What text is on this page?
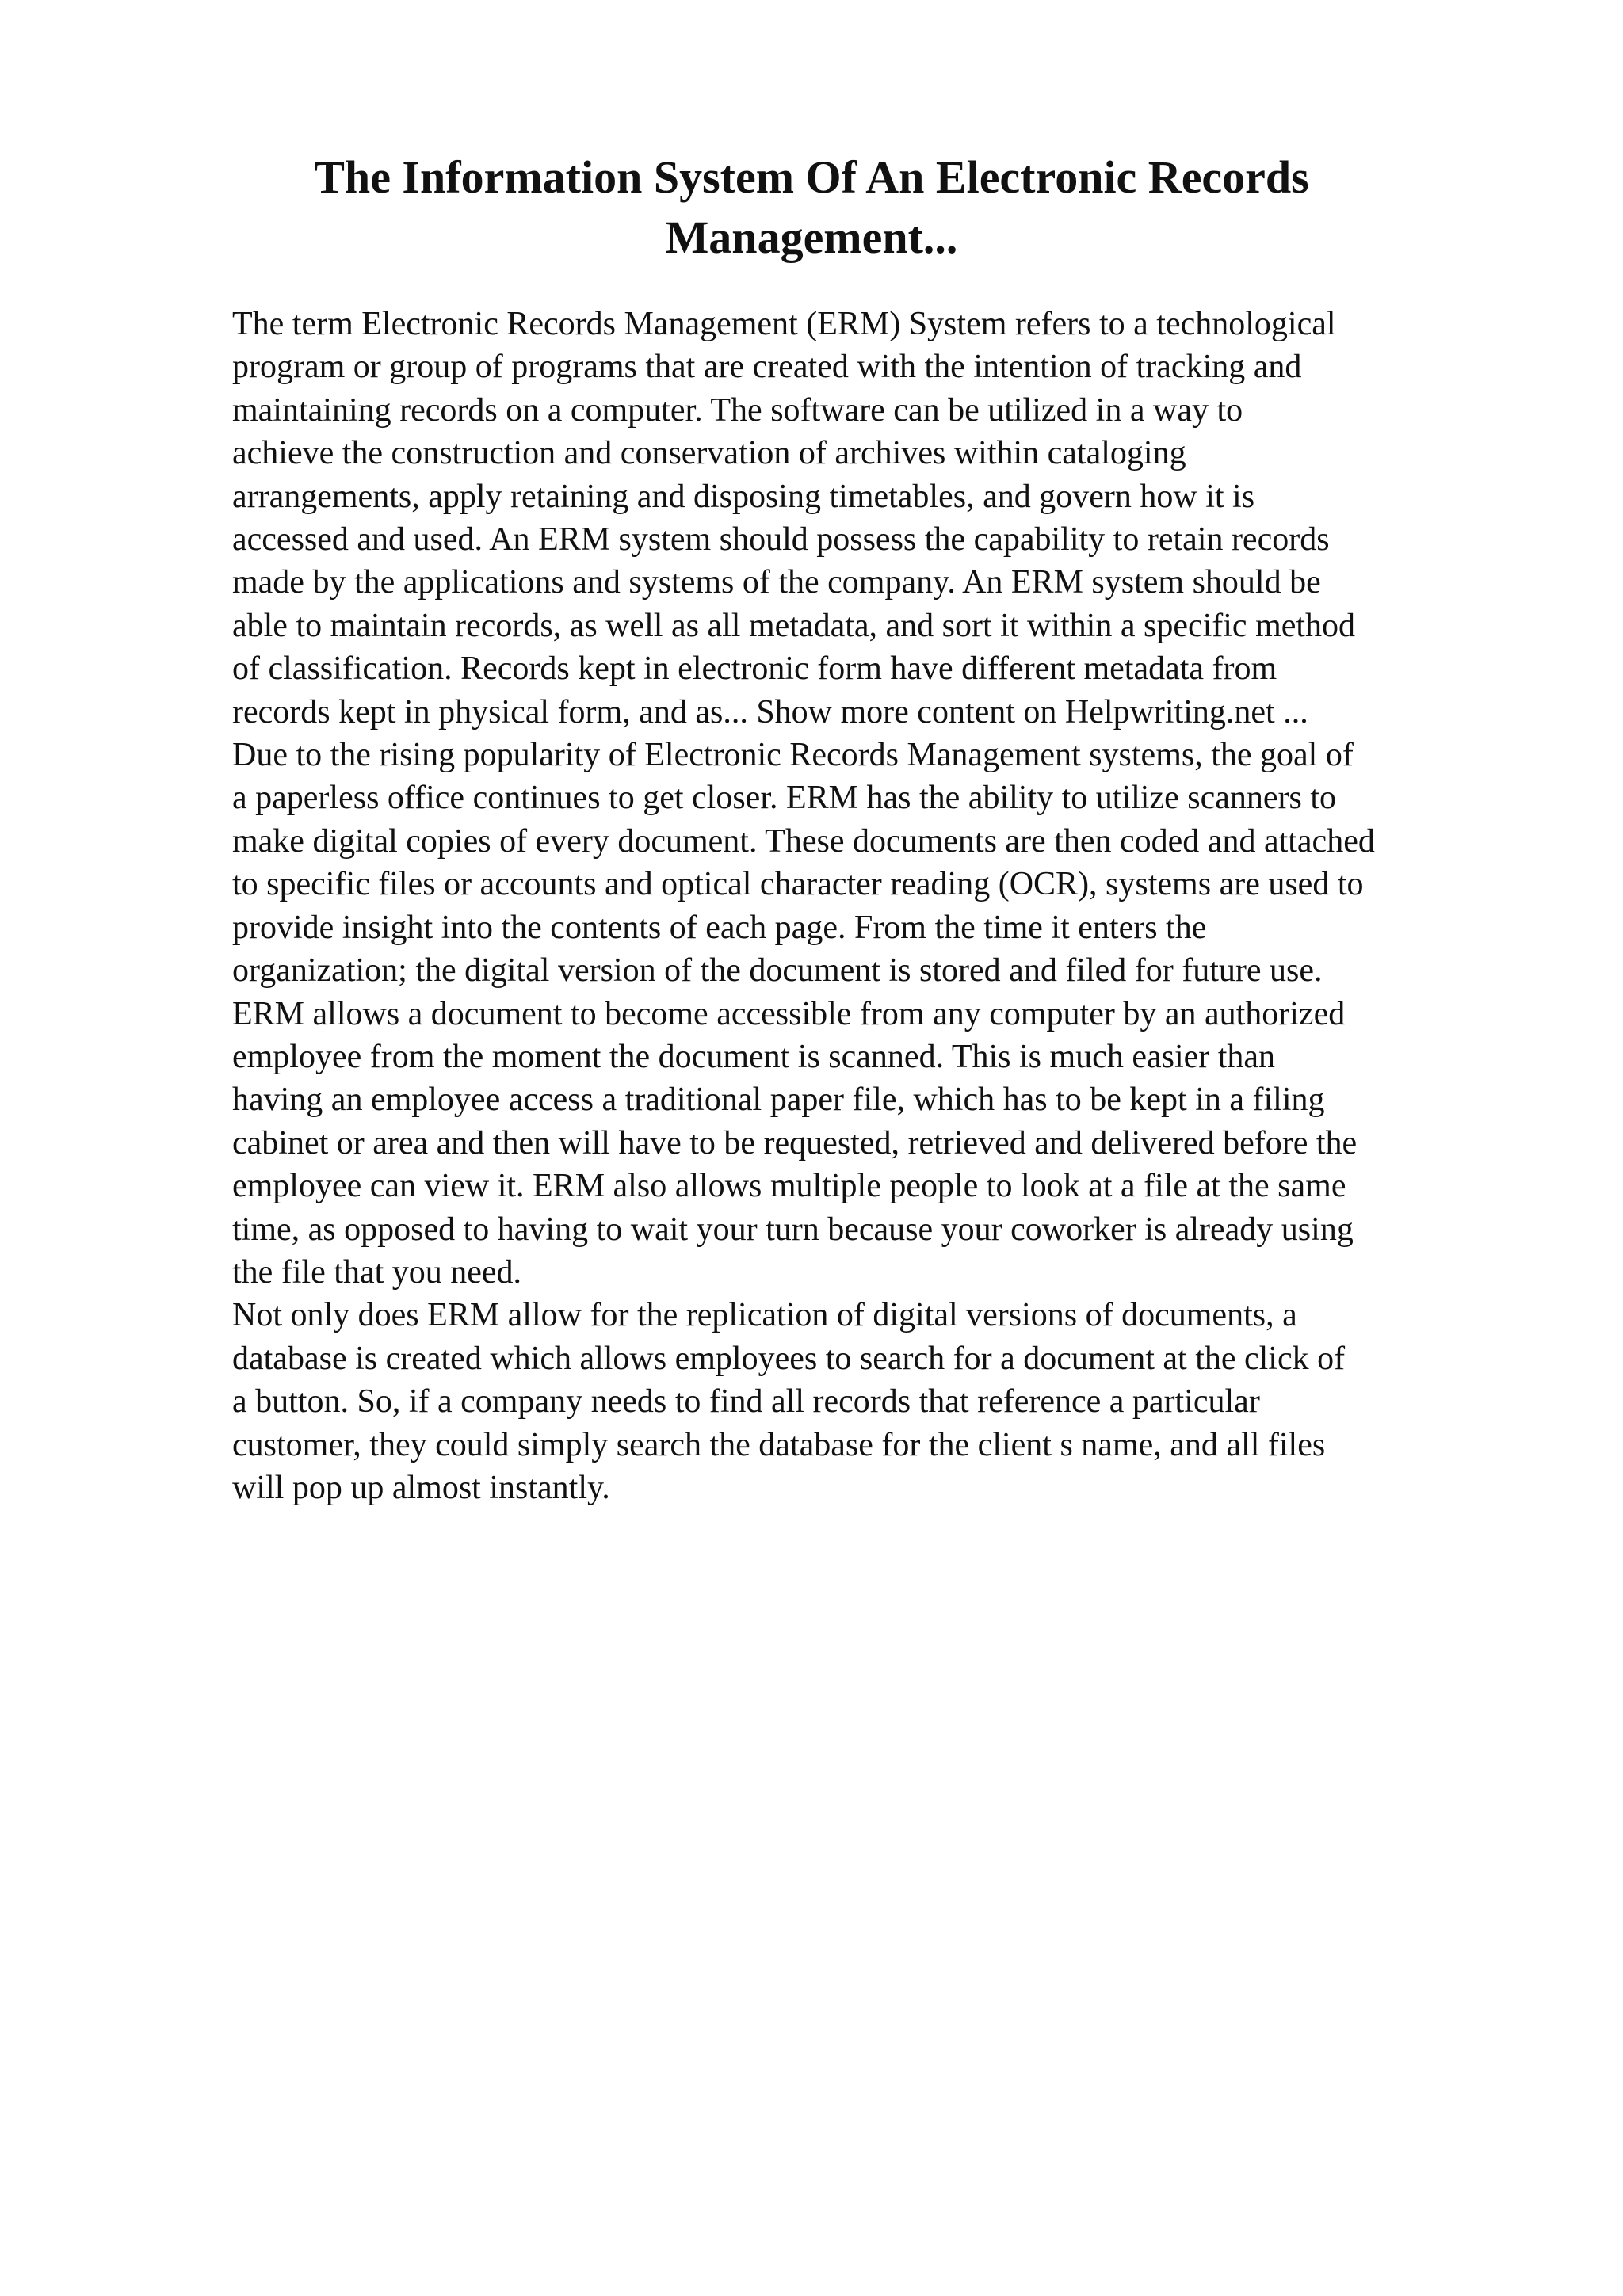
The Information System Of An Electronic Records
Management...
The term Electronic Records Management (ERM) System refers to a technological
program or group of programs that are created with the intention of tracking and
maintaining records on a computer. The software can be utilized in a way to
achieve the construction and conservation of archives within cataloging
arrangements, apply retaining and disposing timetables, and govern how it is
accessed and used. An ERM system should possess the capability to retain records
made by the applications and systems of the company. An ERM system should be
able to maintain records, as well as all metadata, and sort it within a specific method
of classification. Records kept in electronic form have different metadata from
records kept in physical form, and as... Show more content on Helpwriting.net ...
Due to the rising popularity of Electronic Records Management systems, the goal of
a paperless office continues to get closer. ERM has the ability to utilize scanners to
make digital copies of every document. These documents are then coded and attached
to specific files or accounts and optical character reading (OCR), systems are used to
provide insight into the contents of each page. From the time it enters the
organization; the digital version of the document is stored and filed for future use.
ERM allows a document to become accessible from any computer by an authorized
employee from the moment the document is scanned. This is much easier than
having an employee access a traditional paper file, which has to be kept in a filing
cabinet or area and then will have to be requested, retrieved and delivered before the
employee can view it. ERM also allows multiple people to look at a file at the same
time, as opposed to having to wait your turn because your coworker is already using
the file that you need.
Not only does ERM allow for the replication of digital versions of documents, a
database is created which allows employees to search for a document at the click of
a button. So, if a company needs to find all records that reference a particular
customer, they could simply search the database for the client s name, and all files
will pop up almost instantly.
